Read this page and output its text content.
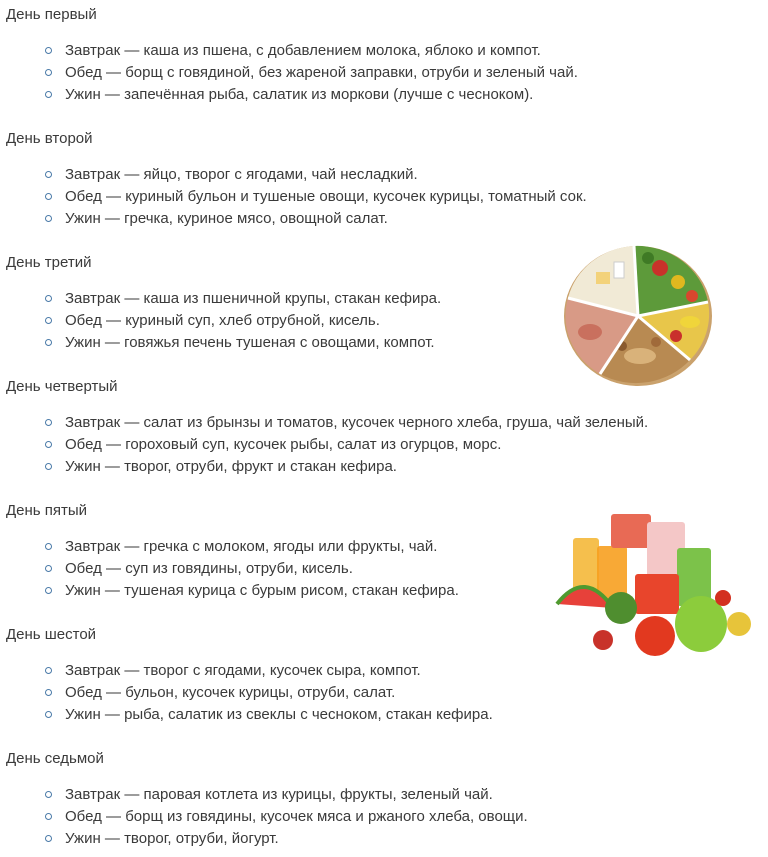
День первый
Завтрак — каша из пшена, с добавлением молока, яблоко и компот.
Обед — борщ с говядиной, без жареной заправки, отруби и зеленый чай.
Ужин — запечённая рыба, салатик из моркови (лучше с чесноком).
День второй
Завтрак — яйцо, творог с ягодами, чай несладкий.
Обед — куриный бульон и тушеные овощи, кусочек курицы, томатный сок.
Ужин — гречка, куриное мясо, овощной салат.
День третий
Завтрак — каша из пшеничной крупы, стакан кефира.
Обед — куриный суп, хлеб отрубной, кисель.
Ужин — говяжья печень тушеная с овощами, компот.
День четвертый
Завтрак — салат из брынзы и томатов, кусочек черного хлеба, груша, чай зеленый.
Обед — гороховый суп, кусочек рыбы, салат из огурцов, морс.
Ужин — творог, отруби, фрукт и стакан кефира.
День пятый
Завтрак — гречка с молоком, ягоды или фрукты, чай.
Обед — суп из говядины, отруби, кисель.
Ужин — тушеная курица с бурым рисом, стакан кефира.
День шестой
Завтрак — творог с ягодами, кусочек сыра, компот.
Обед — бульон, кусочек курицы, отруби, салат.
Ужин — рыба, салатик из свеклы с чесноком, стакан кефира.
День седьмой
Завтрак — паровая котлета из курицы, фрукты, зеленый чай.
Обед — борщ из говядины, кусочек мяса и ржаного хлеба, овощи.
Ужин — творог, отруби, йогурт.
